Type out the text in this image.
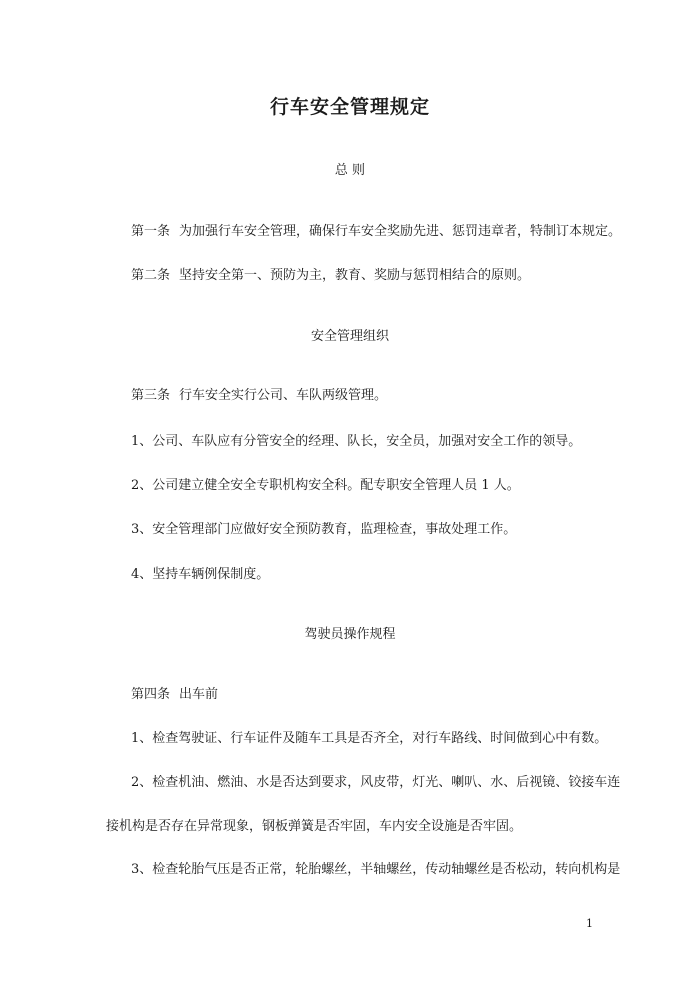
行车安全管理规定
总 则
第一条 为加强行车安全管理，确保行车安全奖励先进、惩罚违章者，特制订本规定。
第二条 坚持安全第一、预防为主，教育、奖励与惩罚相结合的原则。
安全管理组织
第三条 行车安全实行公司、车队两级管理。
1、公司、车队应有分管安全的经理、队长，安全员，加强对安全工作的领导。
2、公司建立健全安全专职机构安全科。配专职安全管理人员 1 人。
3、安全管理部门应做好安全预防教育，监理检查，事故处理工作。
4、坚持车辆例保制度。
驾驶员操作规程
第四条 出车前
1、检查驾驶证、行车证件及随车工具是否齐全，对行车路线、时间做到心中有数。
2、检查机油、燃油、水是否达到要求，风皮带，灯光、喇叭、水、后视镜、铰接车连
接机构是否存在异常现象，钢板弹簧是否牢固，车内安全设施是否牢固。
3、检查轮胎气压是否正常，轮胎螺丝，半轴螺丝，传动轴螺丝是否松动，转向机构是
1
